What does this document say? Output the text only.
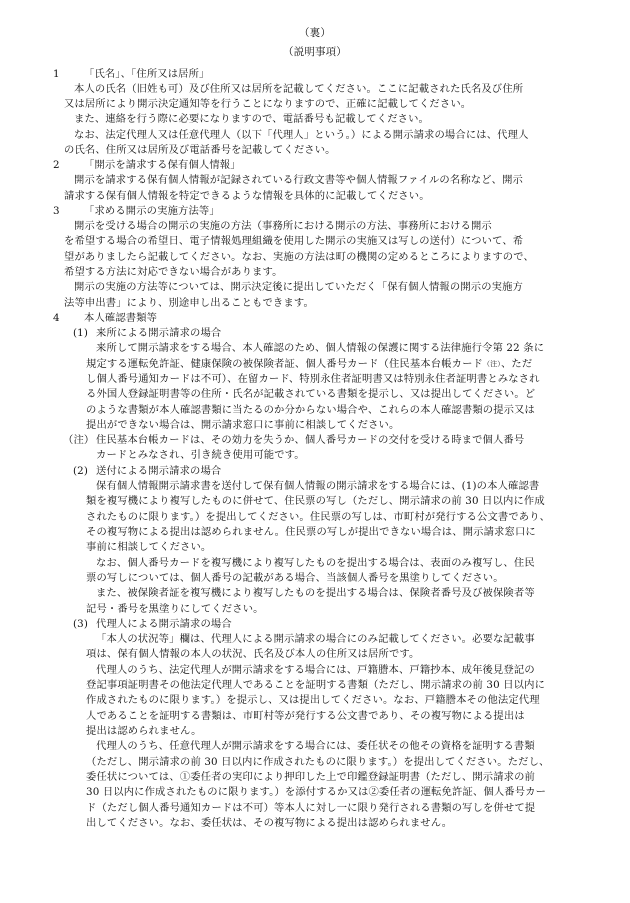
（裏）
（説明事項）
1 「氏名」、「住所又は居所」
本人の氏名（旧姓も可）及び住所又は居所を記載してください。ここに記載された氏名及び住所
又は居所により開示決定通知等を行うことになりますので、正確に記載してください。
また、連絡を行う際に必要になりますので、電話番号も記載してください。
なお、法定代理人又は任意代理人（以下「代理人」という。）による開示請求の場合には、代理人
の氏名、住所又は居所及び電話番号を記載してください。
2 「開示を請求する保有個人情報」
開示を請求する保有個人情報が記録されている行政文書等や個人情報ファイルの名称など、開示
請求する保有個人情報を特定できるような情報を具体的に記載してください。
3 「求める開示の実施方法等」
開示を受ける場合の開示の実施の方法（事務所における開示の方法、事務所における開示
を希望する場合の希望日、電子情報処理組織を使用した開示の実施又は写しの送付）について、希
望がありましたら記載してください。なお、実施の方法は町の機関の定めるところによりますので、
希望する方法に対応できない場合があります。
開示の実施の方法等については、開示決定後に提出していただく「保有個人情報の開示の実施方
法等申出書」により、別途申し出ることもできます。
4 本人確認書類等
(1) 来所による開示請求の場合
来所して開示請求をする場合、本人確認のため、個人情報の保護に関する法律施行令第 22 条に
規定する運転免許証、健康保険の被保険者証、個人番号カード（住民基本台帳カード（注）、ただ
し個人番号通知カードは不可）、在留カード、特別永住者証明書又は特別永住者証明書とみなされ
る外国人登録証明書等の住所・氏名が記載されている書類を提示し、又は提出してください。ど
のような書類が本人確認書類に当たるのか分からない場合や、これらの本人確認書類の提示又は
提出ができない場合は、開示請求窓口に事前に相談してください。
（注） 住民基本台帳カードは、その効力を失うか、個人番号カードの交付を受ける時まで個人番号
カードとみなされ、引き続き使用可能です。
(2) 送付による開示請求の場合
保有個人情報開示請求書を送付して保有個人情報の開示請求をする場合には、(1)の本人確認書
類を複写機により複写したものに併せて、住民票の写し（ただし、開示請求の前 30 日以内に作成
されたものに限ります。）を提出してください。住民票の写しは、市町村が発行する公文書であり、
その複写物による提出は認められません。住民票の写しが提出できない場合は、開示請求窓口に
事前に相談してください。
なお、個人番号カードを複写機により複写したものを提出する場合は、表面のみ複写し、住民
票の写しについては、個人番号の記載がある場合、当該個人番号を黒塗りしてください。
また、被保険者証を複写機により複写したものを提出する場合は、保険者番号及び被保険者等
記号・番号を黒塗りにしてください。
(3) 代理人による開示請求の場合
「本人の状況等」欄は、代理人による開示請求の場合にのみ記載してください。必要な記載事
項は、保有個人情報の本人の状況、氏名及び本人の住所又は居所です。
代理人のうち、法定代理人が開示請求をする場合には、戸籍謄本、戸籍抄本、成年後見登記の
登記事項証明書その他法定代理人であることを証明する書類（ただし、開示請求の前 30 日以内に
作成されたものに限ります。）を提示し、又は提出してください。なお、戸籍謄本その他法定代理
人であることを証明する書類は、市町村等が発行する公文書であり、その複写物による提出は
提出は認められません。
代理人のうち、任意代理人が開示請求をする場合には、委任状その他その資格を証明する書類
（ただし、開示請求の前 30 日以内に作成されたものに限ります。）を提出してください。ただし、
委任状については、①委任者の実印により押印した上で印鑑登録証明書（ただし、開示請求の前
30 日以内に作成されたものに限ります。）を添付するか又は②委任者の運転免許証、個人番号カー
ド（ただし個人番号通知カードは不可）等本人に対し一に限り発行される書類の写しを併せて提
出してください。なお、委任状は、その複写物による提出は認められません。
